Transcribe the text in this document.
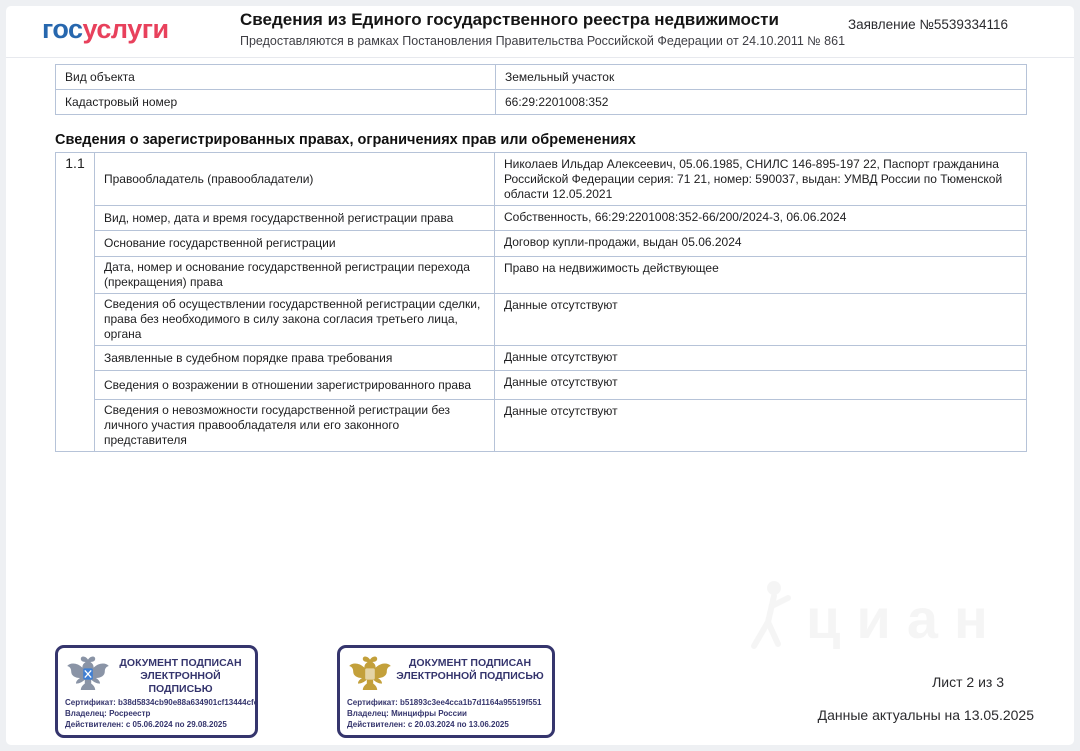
госуслуги	Сведения из Единого государственного реестра недвижимости
Предоставляются в рамках Постановления Правительства Российской Федерации от 24.10.2011 № 861
Заявление №5539334116
Вид объекта	Земельный участок
Кадастровый номер	66:29:2201008:352
Сведения о зарегистрированных правах, ограничениях прав или обременениях
1.1	Правообладатель (правообладатели)	Николаев Ильдар Алексеевич, 05.06.1985, СНИЛС 146-895-197 22, Паспорт гражданина Российской Федерации серия: 71 21, номер: 590037, выдан: УМВД России по Тюменской области 12.05.2021
	Вид, номер, дата и время государственной регистрации права	Собственность, 66:29:2201008:352-66/200/2024-3, 06.06.2024
	Основание государственной регистрации	Договор купли-продажи, выдан 05.06.2024
	Дата, номер и основание государственной регистрации перехода (прекращения) права	Право на недвижимость действующее
	Сведения об осуществлении государственной регистрации сделки, права без необходимого в силу закона согласия третьего лица, органа	Данные отсутствуют
	Заявленные в судебном порядке права требования	Данные отсутствуют
	Сведения о возражении в отношении зарегистрированного права	Данные отсутствуют
	Сведения о невозможности государственной регистрации без личного участия правообладателя или его законного представителя	Данные отсутствуют
циан
ДОКУМЕНТ ПОДПИСАН ЭЛЕКТРОННОЙ ПОДПИСЬЮ
Сертификат: b38d5834cb90e88a634901cf13444cfc
Владелец: Росреестр
Действителен: с 05.06.2024 по 29.08.2025
ДОКУМЕНТ ПОДПИСАН ЭЛЕКТРОННОЙ ПОДПИСЬЮ
Сертификат: b51893c3ee4cca1b7d1164a95519f551
Владелец: Минцифры России
Действителен: с 20.03.2024 по 13.06.2025
Лист 2 из 3
Данные актуальны на 13.05.2025
